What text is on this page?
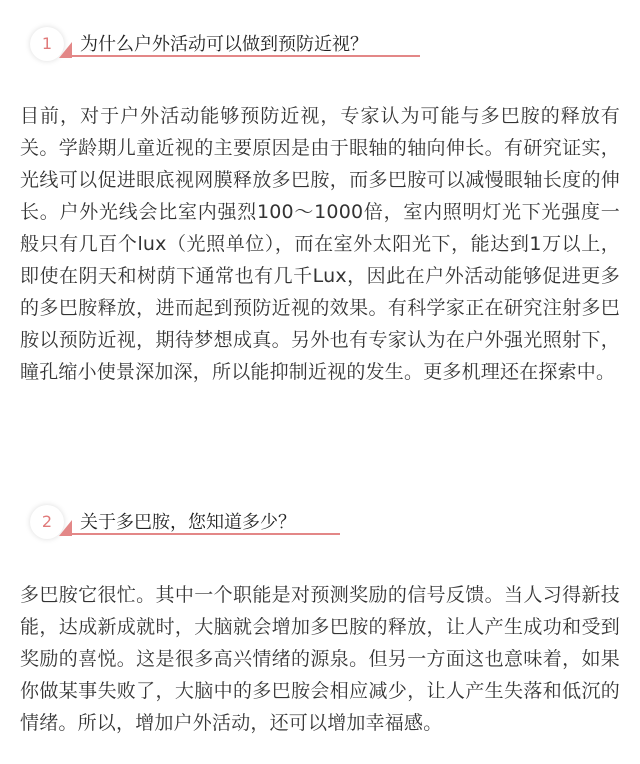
1	为什么户外活动可以做到预防近视？

目前，对于户外活动能够预防近视，专家认为可能与多巴胺的释放有关。学龄期儿童近视的主要原因是由于眼轴的轴向伸长。有研究证实，光线可以促进眼底视网膜释放多巴胺，而多巴胺可以减慢眼轴长度的伸长。户外光线会比室内强烈100～1000倍，室内照明灯光下光强度一般只有几百个lux（光照单位），而在室外太阳光下，能达到1万以上，即使在阴天和树荫下通常也有几千Lux，因此在户外活动能够促进更多的多巴胺释放，进而起到预防近视的效果。有科学家正在研究注射多巴胺以预防近视，期待梦想成真。另外也有专家认为在户外强光照射下，瞳孔缩小使景深加深，所以能抑制近视的发生。更多机理还在探索中。

2	关于多巴胺，您知道多少？

多巴胺它很忙。其中一个职能是对预测奖励的信号反馈。当人习得新技能，达成新成就时，大脑就会增加多巴胺的释放，让人产生成功和受到奖励的喜悦。这是很多高兴情绪的源泉。但另一方面这也意味着，如果你做某事失败了，大脑中的多巴胺会相应减少，让人产生失落和低沉的情绪。所以，增加户外活动，还可以增加幸福感。
